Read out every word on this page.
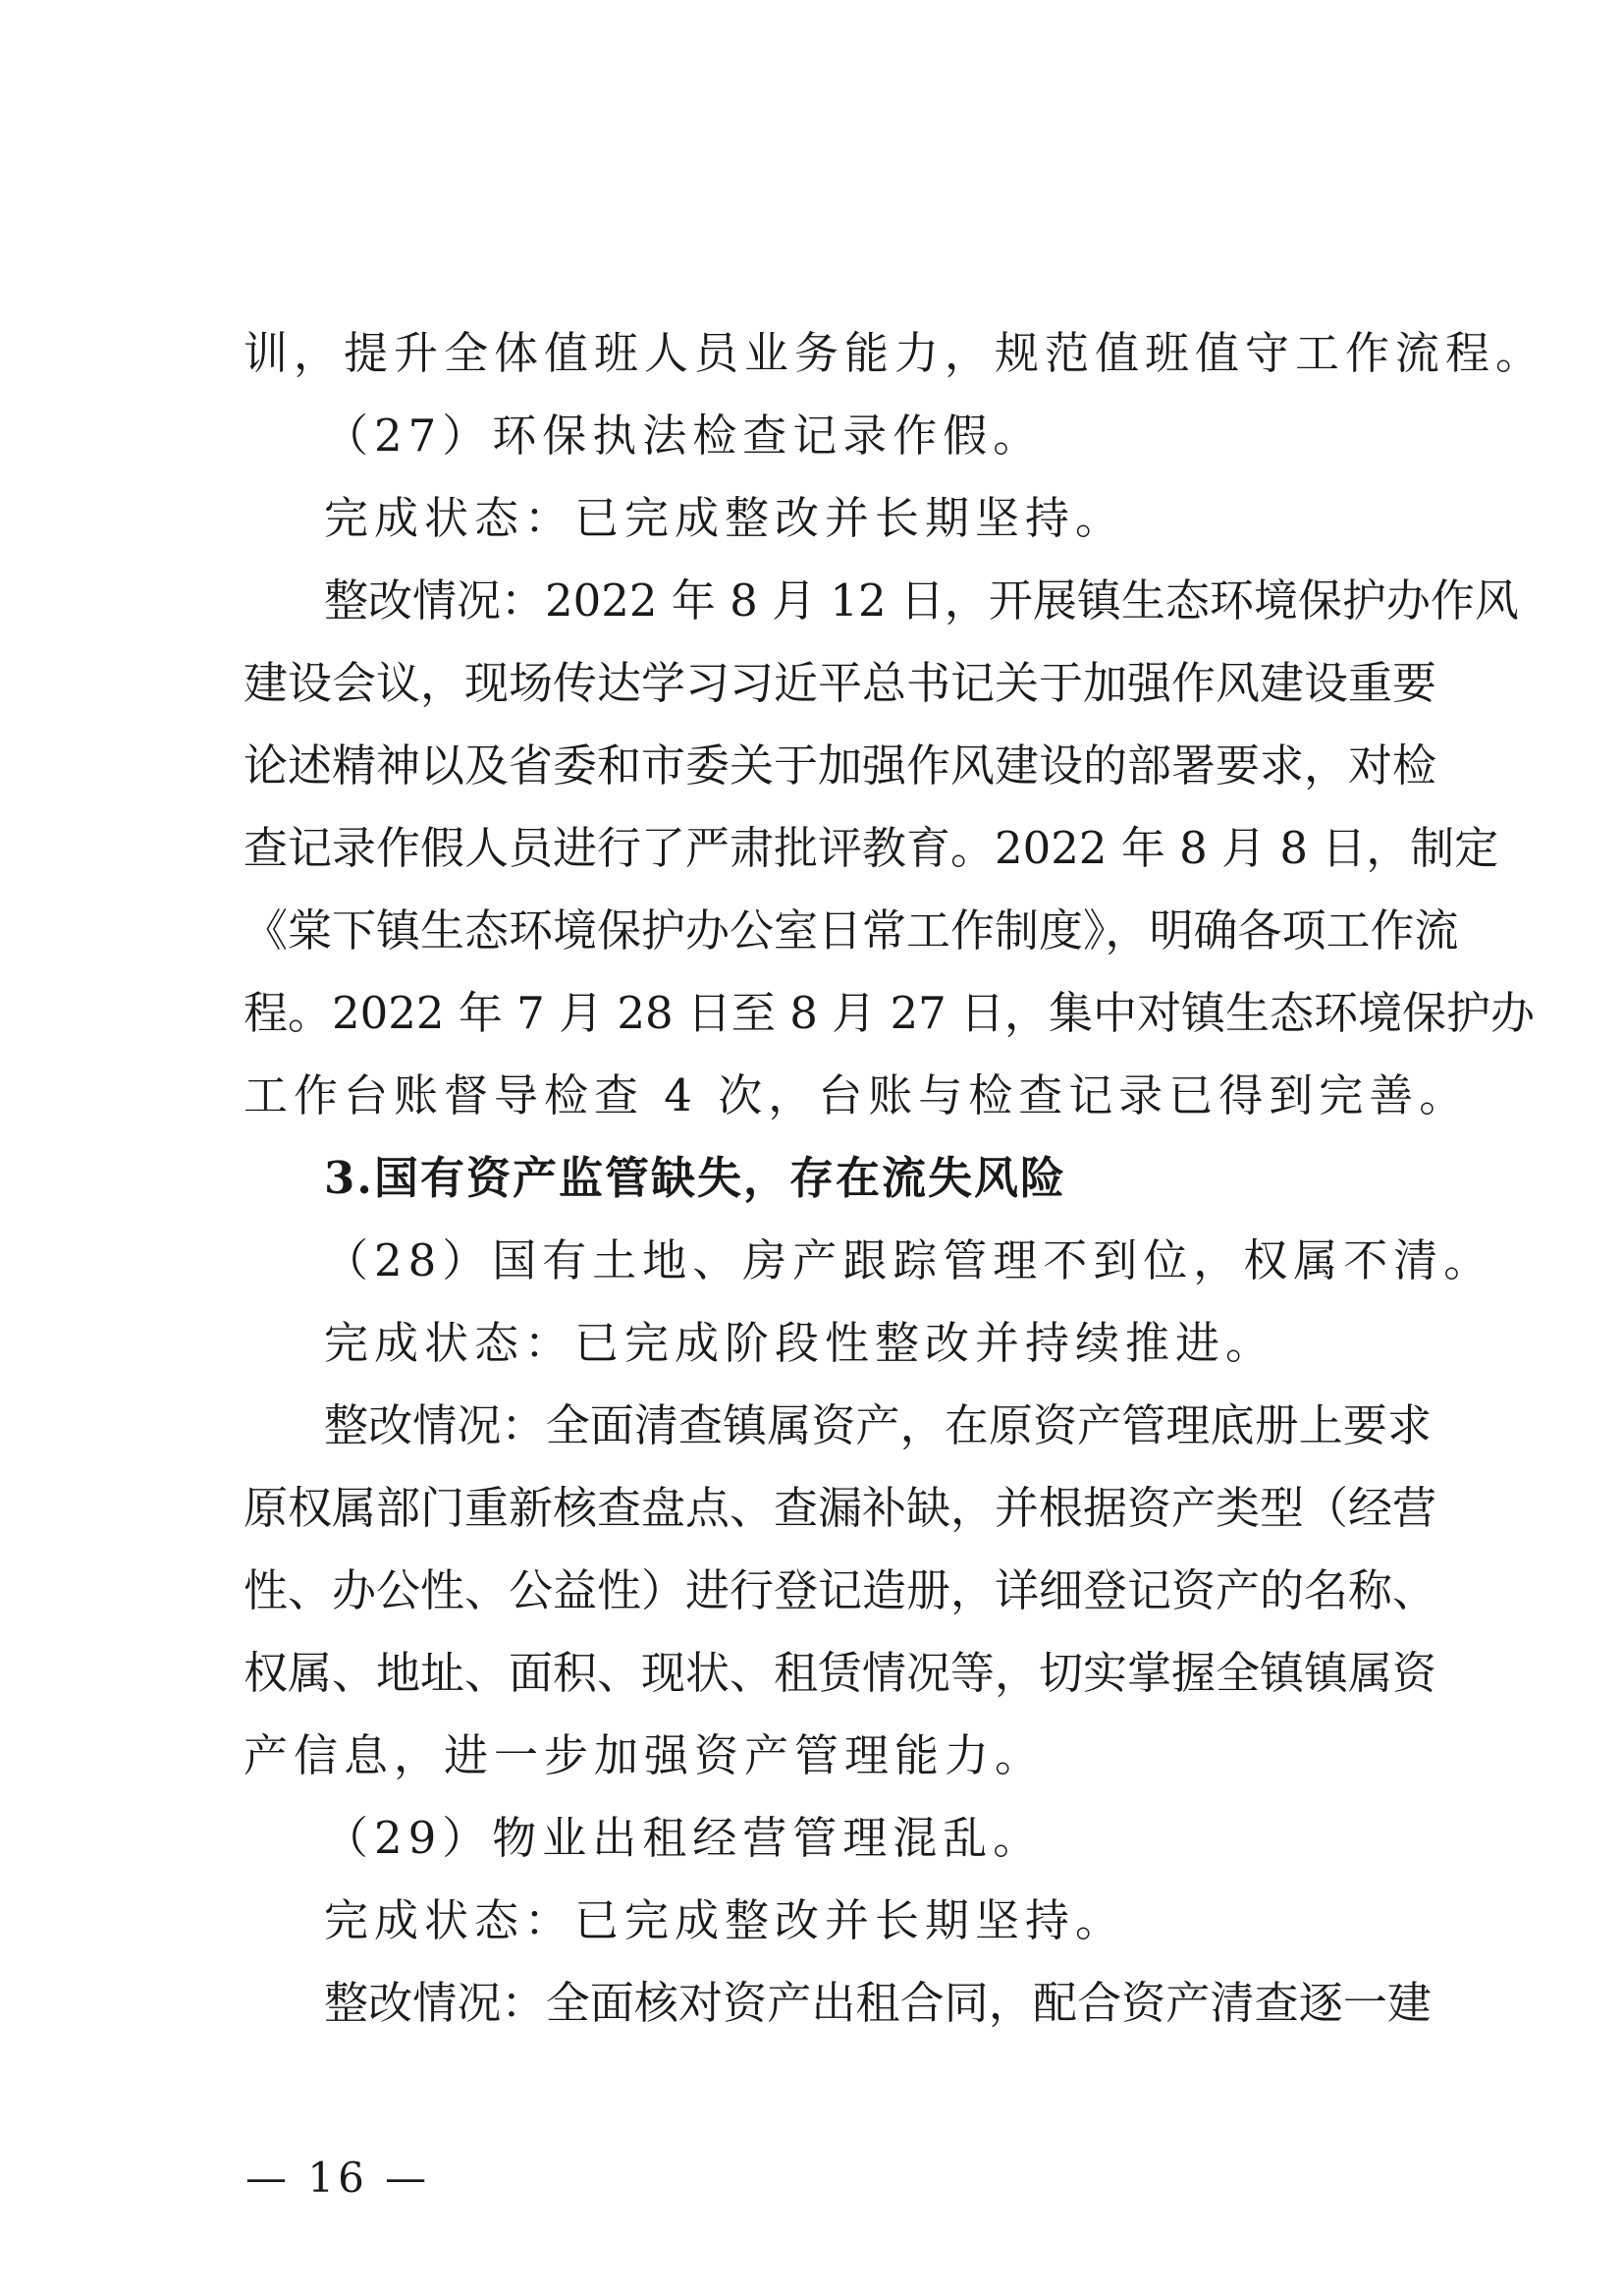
训，提升全体值班人员业务能力，规范值班值守工作流程。
（27）环保执法检查记录作假。
完成状态：已完成整改并长期坚持。
整改情况：2022 年 8 月 12 日，开展镇生态环境保护办作风
建设会议，现场传达学习习近平总书记关于加强作风建设重要
论述精神以及省委和市委关于加强作风建设的部署要求，对检
查记录作假人员进行了严肃批评教育。2022 年 8 月 8 日，制定
《棠下镇生态环境保护办公室日常工作制度》，明确各项工作流
程。2022 年 7 月 28 日至 8 月 27 日，集中对镇生态环境保护办
工作台账督导检查 4 次，台账与检查记录已得到完善。
3.国有资产监管缺失，存在流失风险
（28）国有土地、房产跟踪管理不到位，权属不清。
完成状态：已完成阶段性整改并持续推进。
整改情况：全面清查镇属资产，在原资产管理底册上要求
原权属部门重新核查盘点、查漏补缺，并根据资产类型（经营
性、办公性、公益性）进行登记造册，详细登记资产的名称、
权属、地址、面积、现状、租赁情况等，切实掌握全镇镇属资
产信息，进一步加强资产管理能力。
（29）物业出租经营管理混乱。
完成状态：已完成整改并长期坚持。
整改情况：全面核对资产出租合同，配合资产清查逐一建
— 16 —
